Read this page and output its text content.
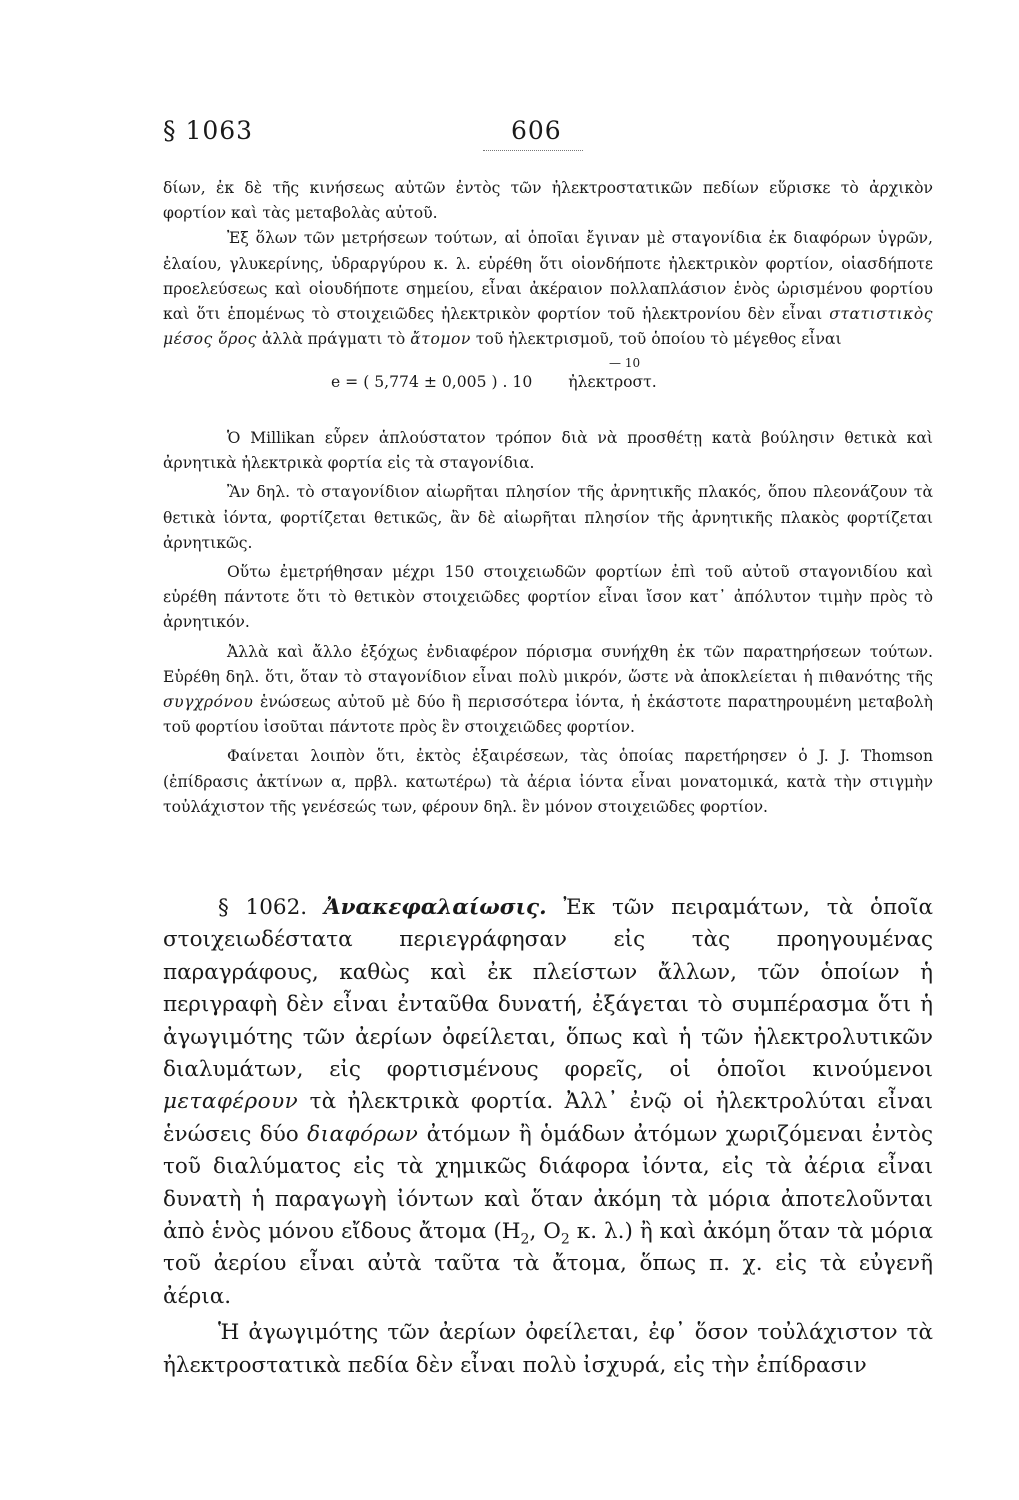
§ 1063	606

δίων, ἐκ δὲ τῆς κινήσεως αὐτῶν ἐντὸς τῶν ἠλεκτροστατικῶν πεδίων εὕρισκε τὸ ἀρχικὸν φορτίον καὶ τὰς μεταβολὰς αὐτοῦ.

Ἐξ ὅλων τῶν μετρήσεων τούτων, αἱ ὁποῖαι ἔγιναν μὲ σταγονίδια ἐκ διαφόρων ὑγρῶν, ἐλαίου, γλυκερίνης, ὑδραργύρου κ. λ. εὑρέθη ὅτι οἱονδήποτε ἠλεκτρικὸν φορτίον, οἱασδήποτε προελεύσεως καὶ οἱουδήποτε σημείου, εἶναι ἀκέραιον πολλαπλάσιον ἑνὸς ὡρισμένου φορτίου καὶ ὅτι ἑπομένως τὸ στοιχειῶδες ἠλεκτρικὸν φορτίον τοῦ ἠλεκτρονίου δὲν εἶναι στατιστικὸς μέσος ὅρος ἀλλὰ πράγματι τὸ ἄτομον τοῦ ἠλεκτρισμοῦ, τοῦ ὁποίου τὸ μέγεθος εἶναι

— 10

e = ( 5,774 ± 0,005 ) . 10 ἠλεκτροστ.

Ὁ Millikan εὗρεν ἁπλούστατον τρόπον διὰ νὰ προσθέτῃ κατὰ βούλησιν θετικὰ καὶ ἀρνητικὰ ἠλεκτρικὰ φορτία εἰς τὰ σταγονίδια.

Ἂν δηλ. τὸ σταγονίδιον αἰωρῆται πλησίον τῆς ἀρνητικῆς πλακός, ὅπου πλεονάζουν τὰ θετικὰ ἰόντα, φορτίζεται θετικῶς, ἂν δὲ αἰωρῆται πλησίον τῆς ἀρνητικῆς πλακὸς φορτίζεται ἀρνητικῶς.

Οὕτω ἐμετρήθησαν μέχρι 150 στοιχειωδῶν φορτίων ἐπὶ τοῦ αὐτοῦ σταγονιδίου καὶ εὑρέθη πάντοτε ὅτι τὸ θετικὸν στοιχειῶδες φορτίον εἶναι ἴσον κατ᾽ ἀπόλυτον τιμὴν πρὸς τὸ ἀρνητικόν.

Ἀλλὰ καὶ ἄλλο ἐξόχως ἐνδιαφέρον πόρισμα συνήχθη ἐκ τῶν παρατηρήσεων τούτων. Εὑρέθη δηλ. ὅτι, ὅταν τὸ σταγονίδιον εἶναι πολὺ μικρόν, ὥστε νὰ ἀποκλείεται ἡ πιθανότης τῆς συγχρόνου ἑνώσεως αὐτοῦ μὲ δύο ἢ περισσότερα ἰόντα, ἡ ἑκάστοτε παρατηρουμένη μεταβολὴ τοῦ φορτίου ἰσοῦται πάντοτε πρὸς ἓν στοιχειῶδες φορτίον.

Φαίνεται λοιπὸν ὅτι, ἐκτὸς ἐξαιρέσεων, τὰς ὁποίας παρετήρησεν ὁ J. J. Thomson (ἐπίδρασις ἀκτίνων α, πρβλ. κατωτέρω) τὰ ἀέρια ἰόντα εἶναι μονατομικά, κατὰ τὴν στιγμὴν τοὐλάχιστον τῆς γενέσεώς των, φέρουν δηλ. ἓν μόνον στοιχειῶδες φορτίον.

§ 1062. Ἀνακεφαλαίωσις. Ἐκ τῶν πειραμάτων, τὰ ὁποῖα στοιχειωδέστατα περιεγράφησαν εἰς τὰς προηγουμένας παραγράφους, καθὼς καὶ ἐκ πλείστων ἄλλων, τῶν ὁποίων ἡ περιγραφὴ δὲν εἶναι ἐνταῦθα δυνατή, ἐξάγεται τὸ συμπέρασμα ὅτι ἡ ἀγωγιμότης τῶν ἀερίων ὀφείλεται, ὅπως καὶ ἡ τῶν ἠλεκτρολυτικῶν διαλυμάτων, εἰς φορτισμένους φορεῖς, οἱ ὁποῖοι κινούμενοι μεταφέρουν τὰ ἠλεκτρικὰ φορτία. Ἀλλ᾽ ἐνῷ οἱ ἠλεκτρολύται εἶναι ἑνώσεις δύο διαφόρων ἀτόμων ἢ ὁμάδων ἀτόμων χωριζόμεναι ἐντὸς τοῦ διαλύματος εἰς τὰ χημικῶς διάφορα ἰόντα, εἰς τὰ ἀέρια εἶναι δυνατὴ ἡ παραγωγὴ ἰόντων καὶ ὅταν ἀκόμη τὰ μόρια ἀποτελοῦνται ἀπὸ ἑνὸς μόνου εἴδους ἄτομα ($H_2$, $O_2$ κ. λ.) ἢ καὶ ἀκόμη ὅταν τὰ μόρια τοῦ ἀερίου εἶναι αὐτὰ ταῦτα τὰ ἄτομα, ὅπως π. χ. εἰς τὰ εὐγενῆ ἀέρια.

Ἡ ἀγωγιμότης τῶν ἀερίων ὀφείλεται, ἐφ᾽ ὅσον τοὐλάχιστον τὰ ἠλεκτροστατικὰ πεδία δὲν εἶναι πολὺ ἰσχυρά, εἰς τὴν ἐπίδρασιν
